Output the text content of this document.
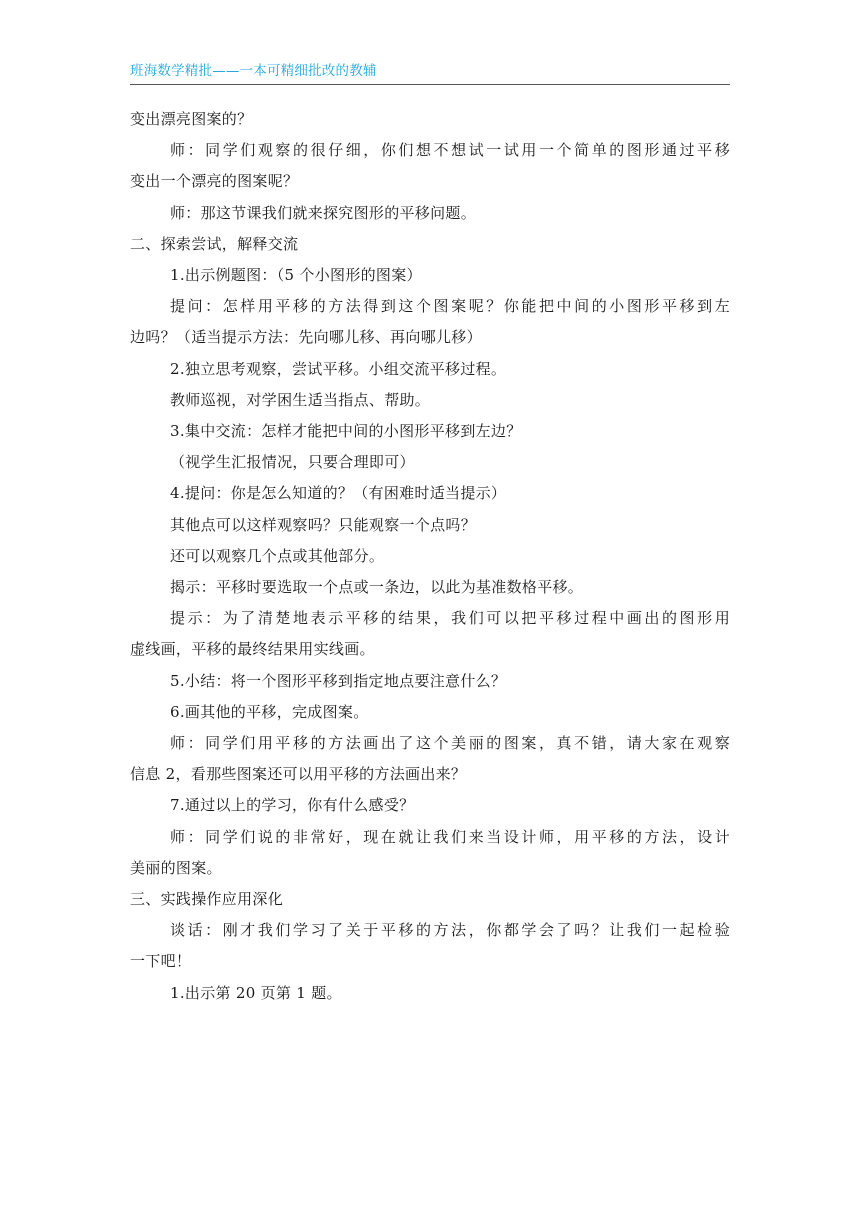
班海数学精批——一本可精细批改的教辅
变出漂亮图案的？
师：同学们观察的很仔细，你们想不想试一试用一个简单的图形通过平移
变出一个漂亮的图案呢？
师：那这节课我们就来探究图形的平移问题。
二、探索尝试，解释交流
1.出示例题图：（5 个小图形的图案）
提问：怎样用平移的方法得到这个图案呢？你能把中间的小图形平移到左
边吗？（适当提示方法：先向哪儿移、再向哪儿移）
2.独立思考观察，尝试平移。小组交流平移过程。
教师巡视，对学困生适当指点、帮助。
3.集中交流：怎样才能把中间的小图形平移到左边？
（视学生汇报情况，只要合理即可）
4.提问：你是怎么知道的？（有困难时适当提示）
其他点可以这样观察吗？只能观察一个点吗？
还可以观察几个点或其他部分。
揭示：平移时要选取一个点或一条边，以此为基准数格平移。
提示：为了清楚地表示平移的结果，我们可以把平移过程中画出的图形用
虚线画，平移的最终结果用实线画。
5.小结：将一个图形平移到指定地点要注意什么？
6.画其他的平移，完成图案。
师：同学们用平移的方法画出了这个美丽的图案，真不错，请大家在观察
信息 2，看那些图案还可以用平移的方法画出来？
7.通过以上的学习，你有什么感受？
师：同学们说的非常好，现在就让我们来当设计师，用平移的方法，设计
美丽的图案。
三、实践操作应用深化
谈话：刚才我们学习了关于平移的方法，你都学会了吗？让我们一起检验
一下吧！
1.出示第 20 页第 1 题。
